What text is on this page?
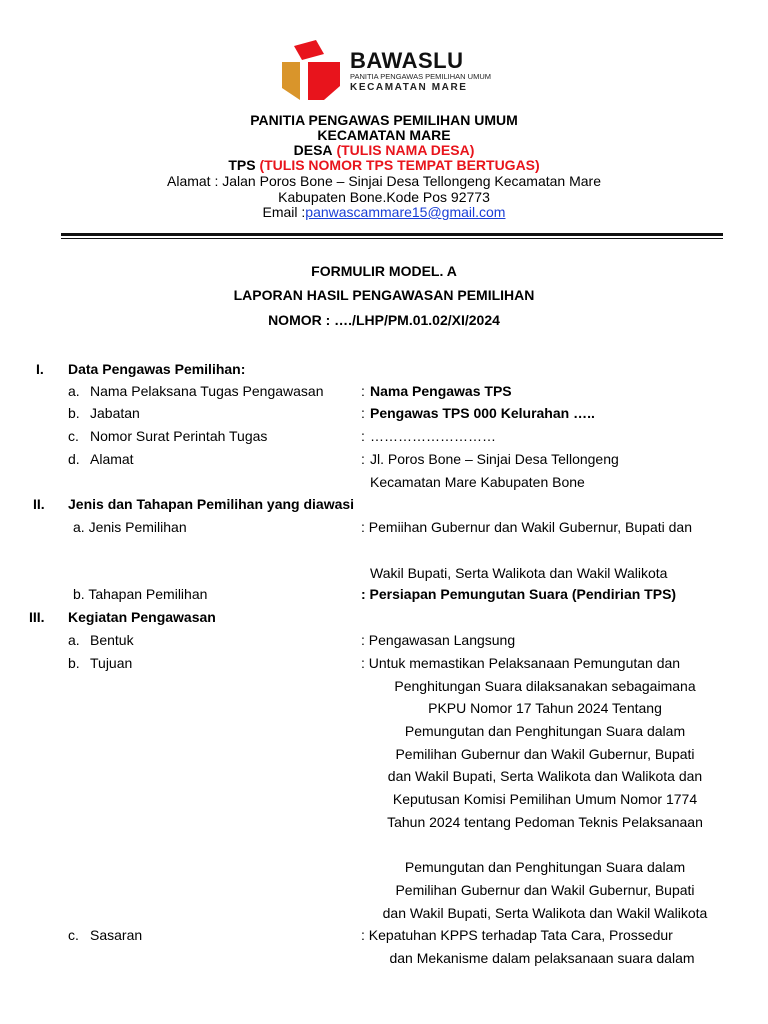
BAWASLU
PANITIA PENGAWAS PEMILIHAN UMUM
KECAMATAN MARE
PANITIA PENGAWAS PEMILIHAN UMUM
KECAMATAN MARE
DESA (TULIS NAMA DESA)
TPS (TULIS NOMOR TPS TEMPAT BERTUGAS)
Alamat : Jalan Poros Bone – Sinjai Desa Tellongeng Kecamatan Mare
Kabupaten Bone.Kode Pos 92773
Email :panwascammare15@gmail.com
FORMULIR MODEL. A
LAPORAN HASIL PENGAWASAN PEMILIHAN
NOMOR : …./LHP/PM.01.02/XI/2024
I. Data Pengawas Pemilihan:
a. Nama Pelaksana Tugas Pengawasan	: Nama Pengawas TPS
b. Jabatan	: Pengawas TPS 000 Kelurahan …..
c. Nomor Surat Perintah Tugas	: ………………………
d. Alamat	: Jl. Poros Bone – Sinjai Desa Tellongeng
Kecamatan Mare Kabupaten Bone
II. Jenis dan Tahapan Pemilihan yang diawasi
a. Jenis Pemilihan	: Pemiihan Gubernur dan Wakil Gubernur, Bupati dan
Wakil Bupati, Serta Walikota dan Wakil Walikota
b. Tahapan Pemilihan	: Persiapan Pemungutan Suara (Pendirian TPS)
III. Kegiatan Pengawasan
a. Bentuk	: Pengawasan Langsung
b. Tujuan	: Untuk memastikan Pelaksanaan Pemungutan dan
Penghitungan Suara dilaksanakan sebagaimana
PKPU Nomor 17 Tahun 2024 Tentang
Pemungutan dan Penghitungan Suara dalam
Pemilihan Gubernur dan Wakil Gubernur, Bupati
dan Wakil Bupati, Serta Walikota dan Walikota dan
Keputusan Komisi Pemilihan Umum Nomor 1774
Tahun 2024 tentang Pedoman Teknis Pelaksanaan
Pemungutan dan Penghitungan Suara dalam
Pemilihan Gubernur dan Wakil Gubernur, Bupati
dan Wakil Bupati, Serta Walikota dan Wakil Walikota
c. Sasaran	: Kepatuhan KPPS terhadap Tata Cara, Prossedur
dan Mekanisme dalam pelaksanaan suara dalam
